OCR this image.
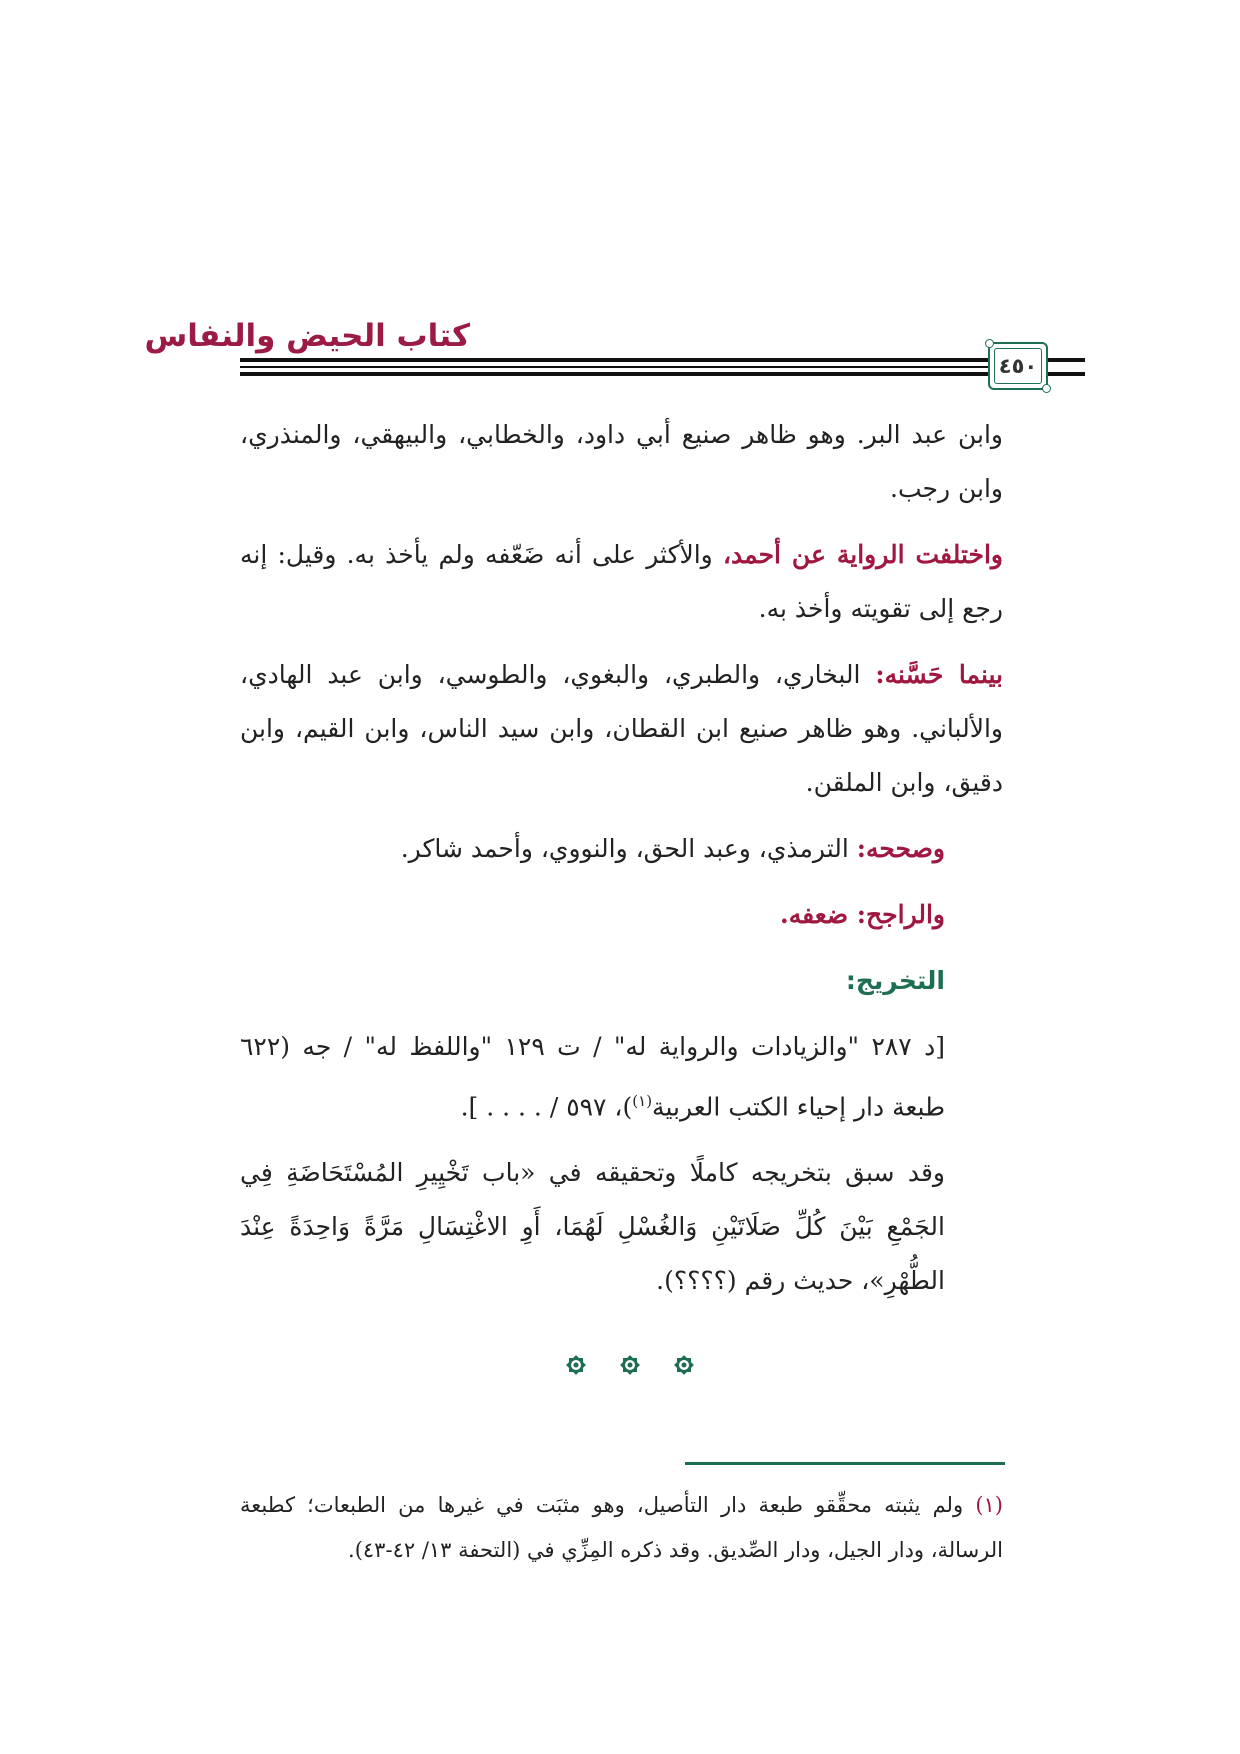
كتاب الحيض والنفاس
٤٥٠

وابن عبد البر. وهو ظاهر صنيع أبي داود، والخطابي، والبيهقي، والمنذري، وابن رجب.

واختلفت الرواية عن أحمد، والأكثر على أنه ضَعّفه ولم يأخذ به. وقيل: إنه رجع إلى تقويته وأخذ به.

بينما حَسَّنه: البخاري، والطبري، والبغوي، والطوسي، وابن عبد الهادي، والألباني. وهو ظاهر صنيع ابن القطان، وابن سيد الناس، وابن القيم، وابن دقيق، وابن الملقن.

وصححه: الترمذي، وعبد الحق، والنووي، وأحمد شاكر.

والراجح: ضعفه.

التخريج:

[د ٢٨٧ "والزيادات والرواية له" / ت ١٢٩ "واللفظ له" / جه (٦٢٢ طبعة دار إحياء الكتب العربية$^{(١)}$)، ٥٩٧ / . . . . ].

وقد سبق بتخريجه كاملًا وتحقيقه في «باب تَخْيِيرِ المُسْتَحَاضَةِ فِي الجَمْعِ بَيْنَ كُلِّ صَلَاتَيْنِ وَالغُسْلِ لَهُمَا، أَوِ الاغْتِسَالِ مَرَّةً وَاحِدَةً عِنْدَ الطُّهْرِ»، حديث رقم (؟؟؟؟).

(١) ولم يثبته محقِّقو طبعة دار التأصيل، وهو مثبَت في غيرها من الطبعات؛ كطبعة الرسالة، ودار الجيل، ودار الصِّديق. وقد ذكره المِزِّي في (التحفة ١٣/ ٤٢-٤٣).
